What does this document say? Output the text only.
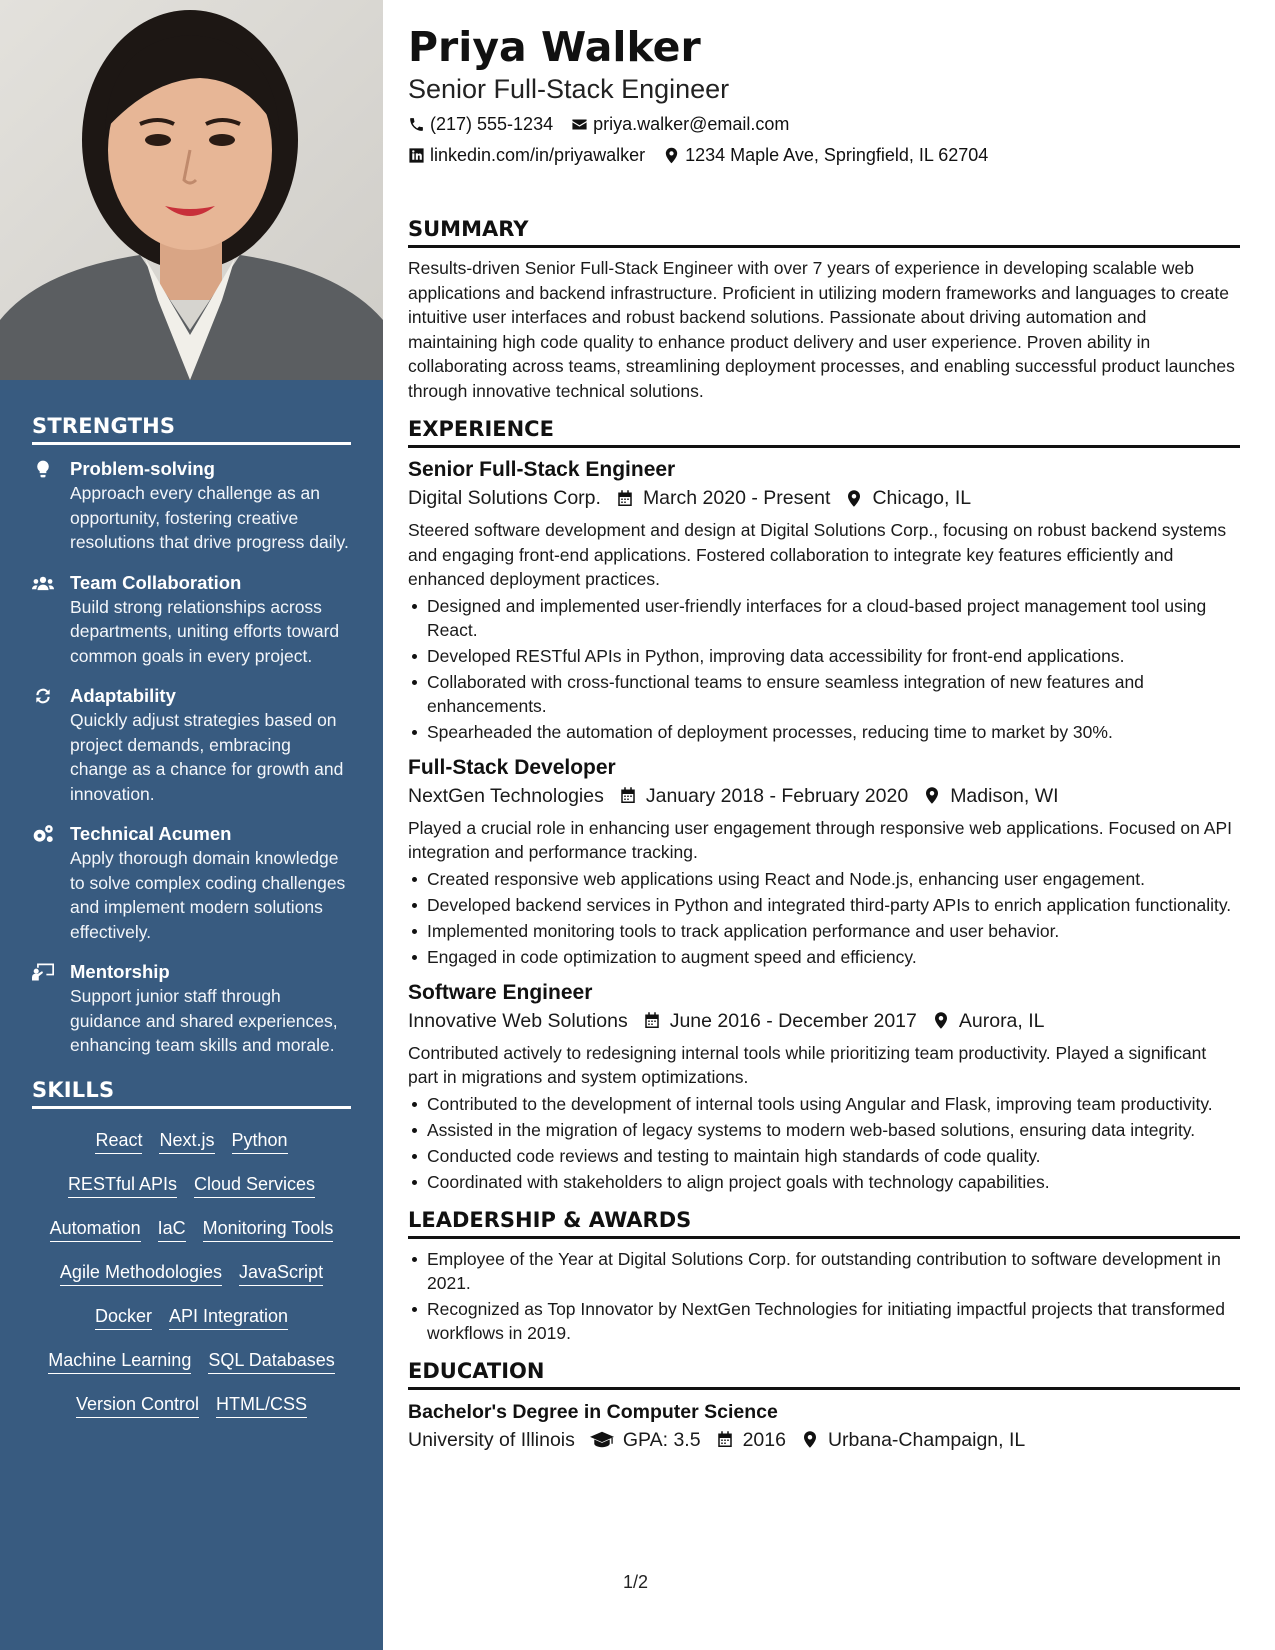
STRENGTHS
Problem-solving
Approach every challenge as an opportunity, fostering creative resolutions that drive progress daily.
Team Collaboration
Build strong relationships across departments, uniting efforts toward common goals in every project.
Adaptability
Quickly adjust strategies based on project demands, embracing change as a chance for growth and innovation.
Technical Acumen
Apply thorough domain knowledge to solve complex coding challenges and implement modern solutions effectively.
Mentorship
Support junior staff through guidance and shared experiences, enhancing team skills and morale.
SKILLS
React Next.js Python
RESTful APIs Cloud Services
Automation IaC Monitoring Tools
Agile Methodologies JavaScript
Docker API Integration
Machine Learning SQL Databases
Version Control HTML/CSS
Priya Walker
Senior Full-Stack Engineer
(217) 555-1234 priya.walker@email.com
linkedin.com/in/priyawalker 1234 Maple Ave, Springfield, IL 62704
SUMMARY
Results-driven Senior Full-Stack Engineer with over 7 years of experience in developing scalable web applications and backend infrastructure. Proficient in utilizing modern frameworks and languages to create intuitive user interfaces and robust backend solutions. Passionate about driving automation and maintaining high code quality to enhance product delivery and user experience. Proven ability in collaborating across teams, streamlining deployment processes, and enabling successful product launches through innovative technical solutions.
EXPERIENCE
Senior Full-Stack Engineer
Digital Solutions Corp. March 2020 - Present Chicago, IL
Steered software development and design at Digital Solutions Corp., focusing on robust backend systems and engaging front-end applications. Fostered collaboration to integrate key features efficiently and enhanced deployment practices.
Designed and implemented user-friendly interfaces for a cloud-based project management tool using React.
Developed RESTful APIs in Python, improving data accessibility for front-end applications.
Collaborated with cross-functional teams to ensure seamless integration of new features and enhancements.
Spearheaded the automation of deployment processes, reducing time to market by 30%.
Full-Stack Developer
NextGen Technologies January 2018 - February 2020 Madison, WI
Played a crucial role in enhancing user engagement through responsive web applications. Focused on API integration and performance tracking.
Created responsive web applications using React and Node.js, enhancing user engagement.
Developed backend services in Python and integrated third-party APIs to enrich application functionality.
Implemented monitoring tools to track application performance and user behavior.
Engaged in code optimization to augment speed and efficiency.
Software Engineer
Innovative Web Solutions June 2016 - December 2017 Aurora, IL
Contributed actively to redesigning internal tools while prioritizing team productivity. Played a significant part in migrations and system optimizations.
Contributed to the development of internal tools using Angular and Flask, improving team productivity.
Assisted in the migration of legacy systems to modern web-based solutions, ensuring data integrity.
Conducted code reviews and testing to maintain high standards of code quality.
Coordinated with stakeholders to align project goals with technology capabilities.
LEADERSHIP & AWARDS
Employee of the Year at Digital Solutions Corp. for outstanding contribution to software development in 2021.
Recognized as Top Innovator by NextGen Technologies for initiating impactful projects that transformed workflows in 2019.
EDUCATION
Bachelor's Degree in Computer Science
University of Illinois GPA: 3.5 2016 Urbana-Champaign, IL
1/2
